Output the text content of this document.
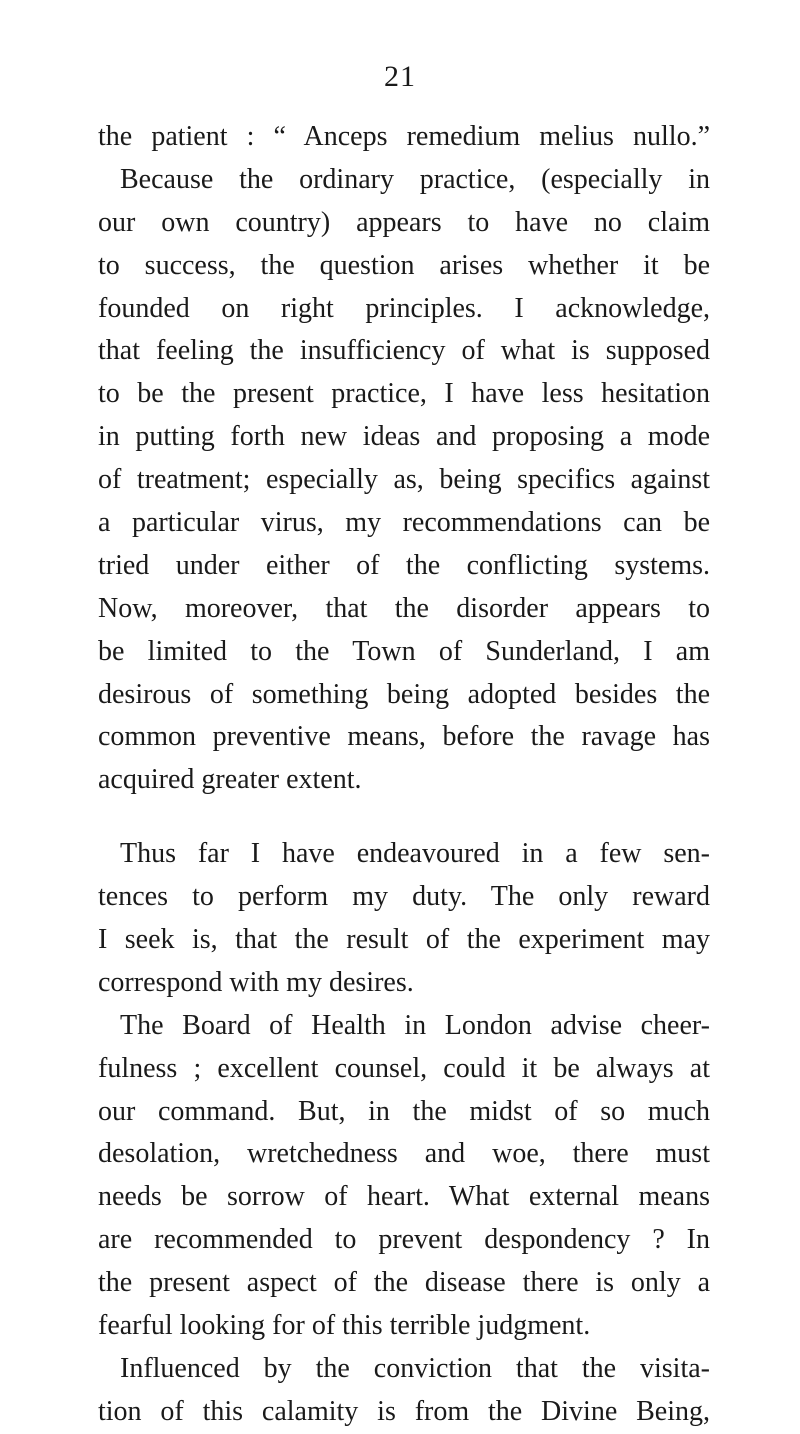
21
the patient : “ Anceps remedium melius nullo.”
Because the ordinary practice, (especially in
our own country) appears to have no claim
to success, the question arises whether it be
founded on right principles. I acknowledge,
that feeling the insufficiency of what is supposed
to be the present practice, I have less hesitation
in putting forth new ideas and proposing a mode
of treatment; especially as, being specifics against
a particular virus, my recommendations can be
tried under either of the conflicting systems.
Now, moreover, that the disorder appears to
be limited to the Town of Sunderland, I am
desirous of something being adopted besides the
common preventive means, before the ravage has
acquired greater extent.
Thus far I have endeavoured in a few sen-
tences to perform my duty. The only reward
I seek is, that the result of the experiment may
correspond with my desires.
The Board of Health in London advise cheer-
fulness ; excellent counsel, could it be always at
our command. But, in the midst of so much
desolation, wretchedness and woe, there must
needs be sorrow of heart. What external means
are recommended to prevent despondency ? In
the present aspect of the disease there is only a
fearful looking for of this terrible judgment.
Influenced by the conviction that the visita-
tion of this calamity is from the Divine Being,
